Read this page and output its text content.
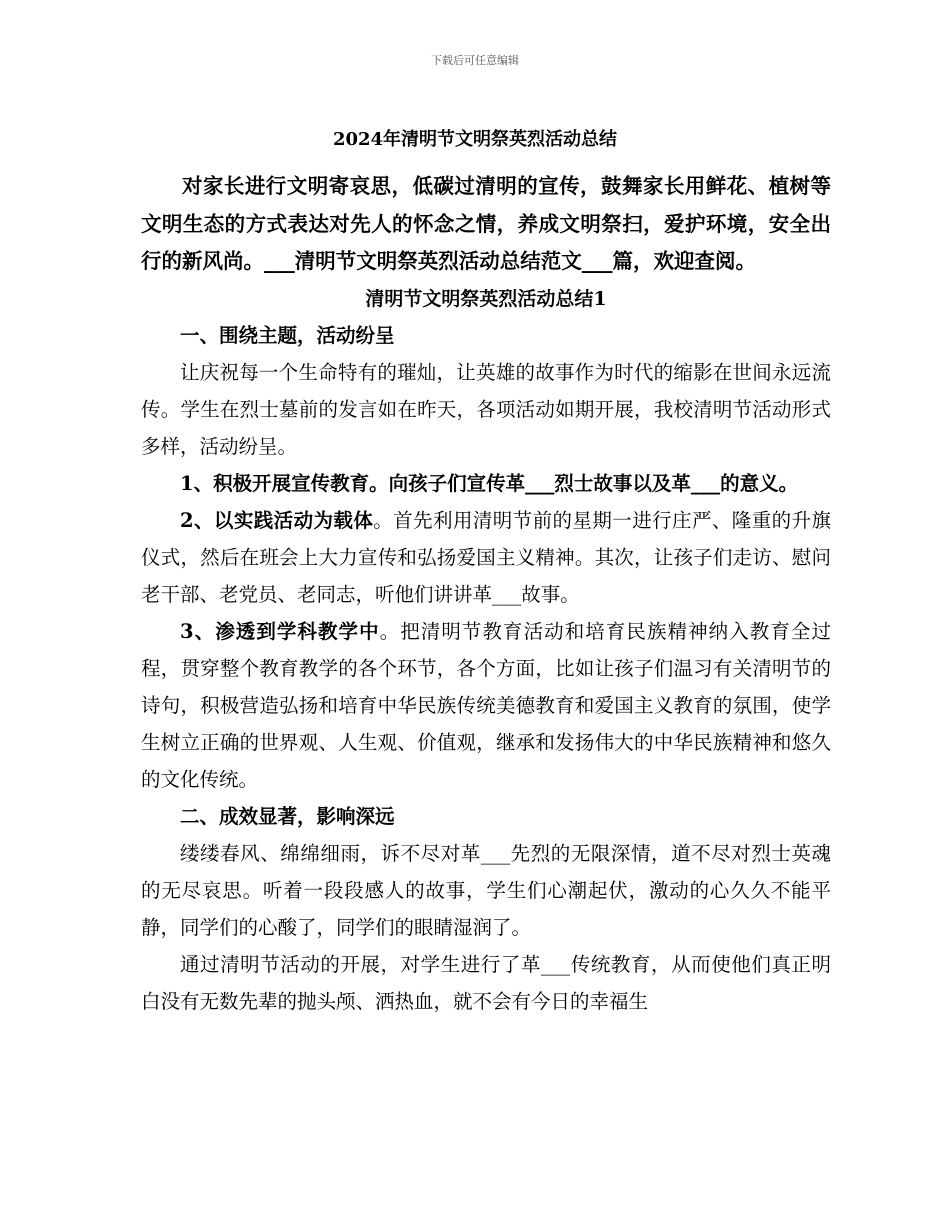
下载后可任意编辑
2024年清明节文明祭英烈活动总结

对家长进行文明寄哀思，低碳过清明的宣传，鼓舞家长用鲜花、植树等文明生态的方式表达对先人的怀念之情，养成文明祭扫，爱护环境，安全出行的新风尚。___清明节文明祭英烈活动总结范文___篇，欢迎查阅。

清明节文明祭英烈活动总结1

一、围绕主题，活动纷呈

让庆祝每一个生命特有的璀灿，让英雄的故事作为时代的缩影在世间永远流传。学生在烈士墓前的发言如在昨天，各项活动如期开展，我校清明节活动形式多样，活动纷呈。

1、积极开展宣传教育。向孩子们宣传革___烈士故事以及革___的意义。

2、以实践活动为载体。首先利用清明节前的星期一进行庄严、隆重的升旗仪式，然后在班会上大力宣传和弘扬爱国主义精神。其次，让孩子们走访、慰问老干部、老党员、老同志，听他们讲讲革___故事。

3、渗透到学科教学中。把清明节教育活动和培育民族精神纳入教育全过程，贯穿整个教育教学的各个环节，各个方面，比如让孩子们温习有关清明节的诗句，积极营造弘扬和培育中华民族传统美德教育和爱国主义教育的氛围，使学生树立正确的世界观、人生观、价值观，继承和发扬伟大的中华民族精神和悠久的文化传统。

二、成效显著，影响深远

缕缕春风、绵绵细雨，诉不尽对革___先烈的无限深情，道不尽对烈士英魂的无尽哀思。听着一段段感人的故事，学生们心潮起伏，激动的心久久不能平静，同学们的心酸了，同学们的眼睛湿润了。

通过清明节活动的开展，对学生进行了革___传统教育，从而使他们真正明白没有无数先辈的抛头颅、洒热血，就不会有今日的幸福生
